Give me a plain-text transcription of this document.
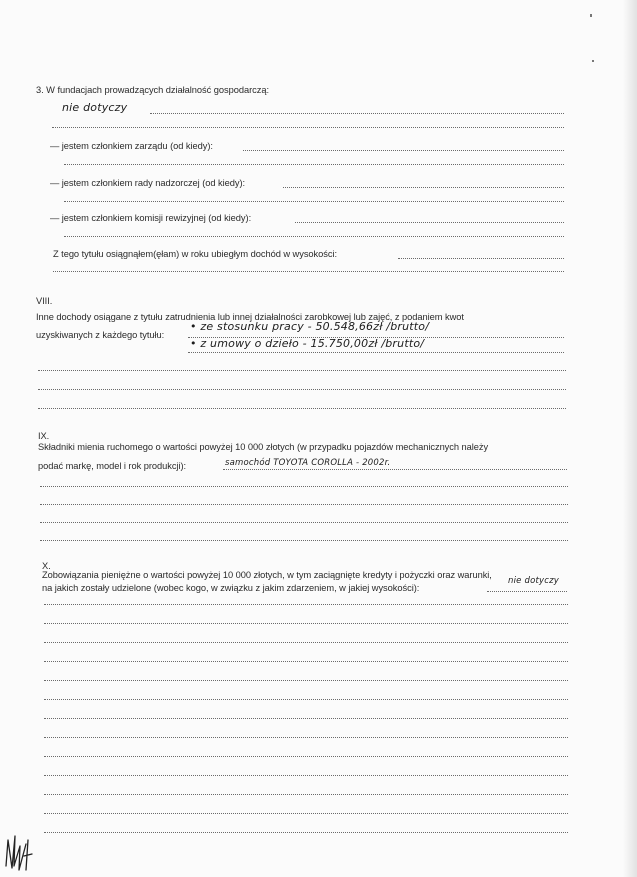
3. W fundacjach prowadzących działalność gospodarczą:
nie dotyczy
— jestem członkiem zarządu (od kiedy):
— jestem członkiem rady nadzorczej (od kiedy):
— jestem członkiem komisji rewizyjnej (od kiedy):
Z tego tytułu osiągnąłem(ęłam) w roku ubiegłym dochód w wysokości:
VIII.
Inne dochody osiągane z tytułu zatrudnienia lub innej działalności zarobkowej lub zajęć, z podaniem kwot
uzyskiwanych z każdego tytułu:
• ze stosunku pracy - 50.548,66zł /brutto/
• z umowy o dzieło - 15.750,00zł /brutto/
IX.
Składniki mienia ruchomego o wartości powyżej 10 000 złotych (w przypadku pojazdów mechanicznych należy
podać markę, model i rok produkcji):	samochód TOYOTA COROLLA - 2002r.
X.
Zobowiązania pieniężne o wartości powyżej 10 000 złotych, w tym zaciągnięte kredyty i pożyczki oraz warunki,
na jakich zostały udzielone (wobec kogo, w związku z jakim zdarzeniem, w jakiej wysokości):
nie dotyczy
